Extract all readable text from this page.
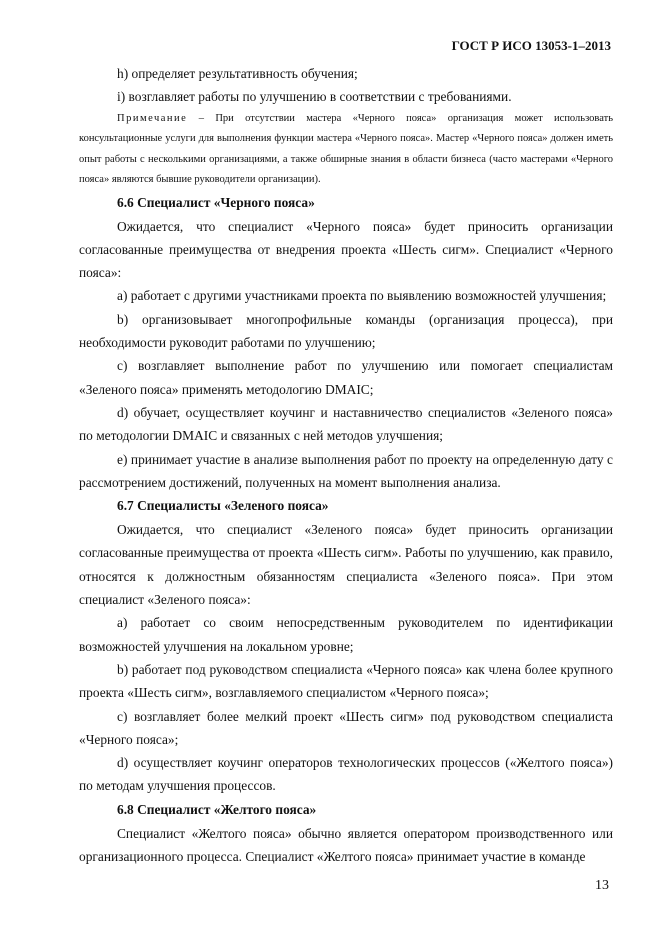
ГОСТ Р ИСО 13053-1–2013

h) определяет результативность обучения;

i) возглавляет работы по улучшению в соответствии с требованиями.

Примечание – При отсутствии мастера «Черного пояса» организация может использовать консультационные услуги для выполнения функции мастера «Черного пояса». Мастер «Черного пояса» должен иметь опыт работы с несколькими организациями, а также обширные знания в области бизнеса (часто мастерами «Черного пояса» являются бывшие руководители организации).

6.6 Специалист «Черного пояса»

Ожидается, что специалист «Черного пояса» будет приносить организации согласованные преимущества от внедрения проекта «Шесть сигм». Специалист «Черного пояса»:

a) работает с другими участниками проекта по выявлению возможностей улучшения;

b) организовывает многопрофильные команды (организация процесса), при необходимости руководит работами по улучшению;

c) возглавляет выполнение работ по улучшению или помогает специалистам «Зеленого пояса» применять методологию DMAIC;

d) обучает, осуществляет коучинг и наставничество специалистов «Зеленого пояса» по методологии DMAIC и связанных с ней методов улучшения;

e) принимает участие в анализе выполнения работ по проекту на определенную дату с рассмотрением достижений, полученных на момент выполнения анализа.

6.7 Специалисты «Зеленого пояса»

Ожидается, что специалист «Зеленого пояса» будет приносить организации согласованные преимущества от проекта «Шесть сигм». Работы по улучшению, как правило, относятся к должностным обязанностям специалиста «Зеленого пояса». При этом специалист «Зеленого пояса»:

a) работает со своим непосредственным руководителем по идентификации возможностей улучшения на локальном уровне;

b) работает под руководством специалиста «Черного пояса» как члена более крупного проекта «Шесть сигм», возглавляемого специалистом «Черного пояса»;

c) возглавляет более мелкий проект «Шесть сигм» под руководством специалиста «Черного пояса»;

d) осуществляет коучинг операторов технологических процессов («Желтого пояса») по методам улучшения процессов.

6.8 Специалист «Желтого пояса»

Специалист «Желтого пояса» обычно является оператором производственного или организационного процесса. Специалист «Желтого пояса» принимает участие в команде

13
